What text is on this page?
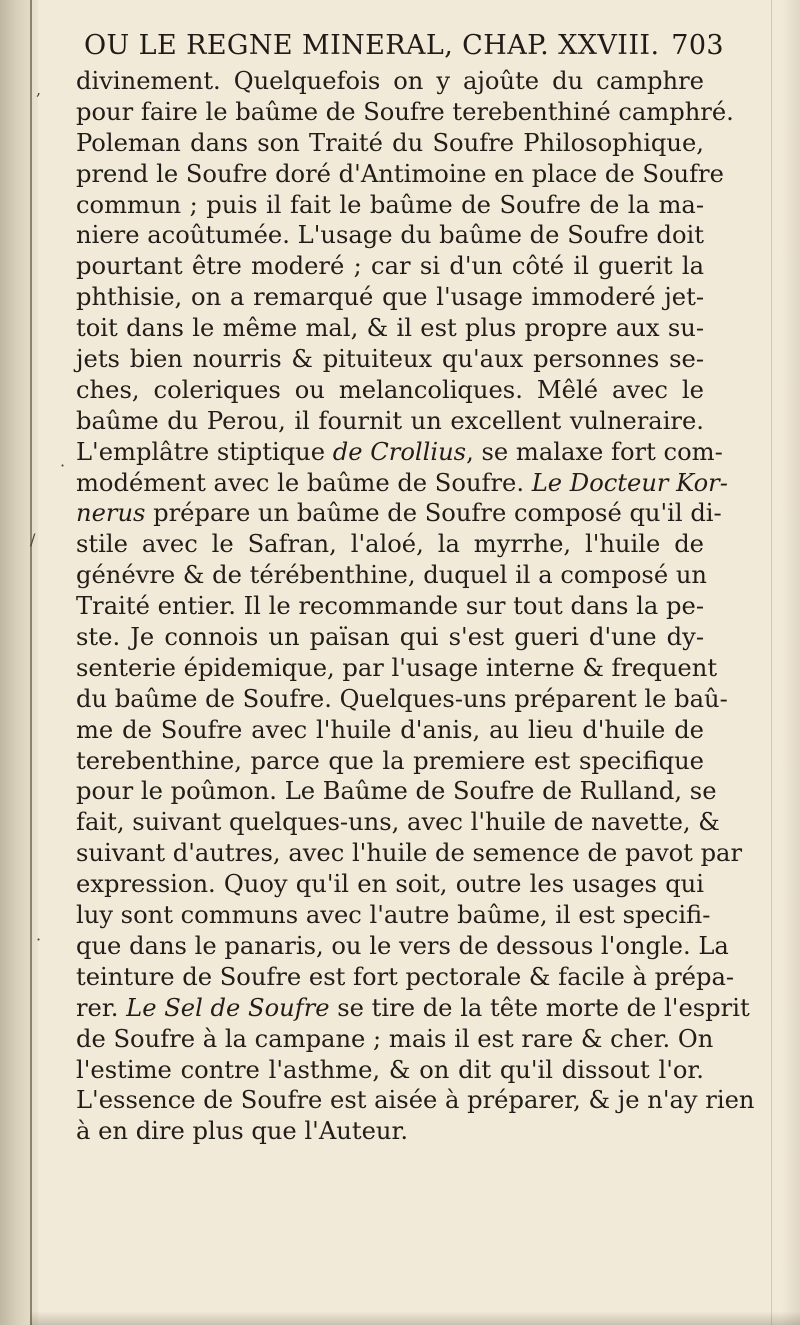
OU LE REGNE MINERAL, CHAP. XXVIII. 703
,
·
/
·
divinement. Quelquefois on y ajoûte du camphre
pour faire le baûme de Soufre terebenthiné camphré.
Poleman dans son Traité du Soufre Philosophique,
prend le Soufre doré d'Antimoine en place de Soufre
commun ; puis il fait le baûme de Soufre de la ma-
niere acoûtumée. L'usage du baûme de Soufre doit
pourtant être moderé ; car si d'un côté il guerit la
phthisie, on a remarqué que l'usage immoderé jet-
toit dans le même mal, & il est plus propre aux su-
jets bien nourris & pituiteux qu'aux personnes se-
ches, coleriques ou melancoliques. Mêlé avec le
baûme du Perou, il fournit un excellent vulneraire.
L'emplâtre stiptique de Crollius, se malaxe fort com-
modément avec le baûme de Soufre. Le Docteur Kor-
nerus prépare un baûme de Soufre composé qu'il di-
stile avec le Safran, l'aloé, la myrrhe, l'huile de
génévre & de térébenthine, duquel il a composé un
Traité entier. Il le recommande sur tout dans la pe-
ste. Je connois un païsan qui s'est gueri d'une dy-
senterie épidemique, par l'usage interne & frequent
du baûme de Soufre. Quelques-uns préparent le baû-
me de Soufre avec l'huile d'anis, au lieu d'huile de
terebenthine, parce que la premiere est specifique
pour le poûmon. Le Baûme de Soufre de Rulland, se
fait, suivant quelques-uns, avec l'huile de navette, &
suivant d'autres, avec l'huile de semence de pavot par
expression. Quoy qu'il en soit, outre les usages qui
luy sont communs avec l'autre baûme, il est specifi-
que dans le panaris, ou le vers de dessous l'ongle. La
teinture de Soufre est fort pectorale & facile à prépa-
rer. Le Sel de Soufre se tire de la tête morte de l'esprit
de Soufre à la campane ; mais il est rare & cher. On
l'estime contre l'asthme, & on dit qu'il dissout l'or.
L'essence de Soufre est aisée à préparer, & je n'ay rien
à en dire plus que l'Auteur.
